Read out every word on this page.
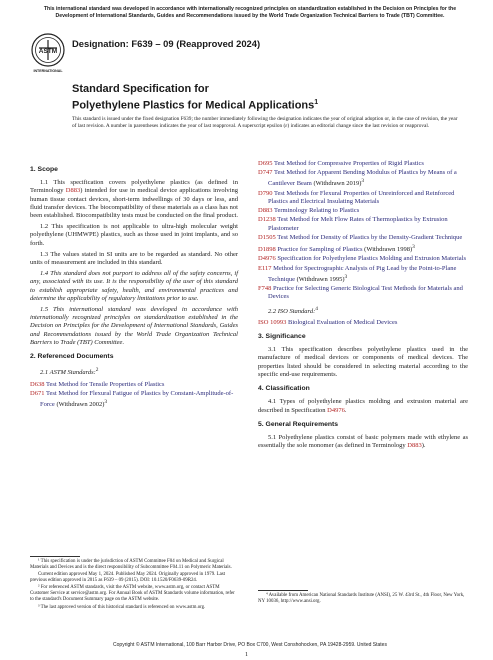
This international standard was developed in accordance with internationally recognized principles on standardization established in the Decision on Principles for the Development of International Standards, Guides and Recommendations issued by the World Trade Organization Technical Barriers to Trade (TBT) Committee.
ASTM
INTERNATIONAL
Designation: F639 – 09 (Reapproved 2024)
Standard Specification for
Polyethylene Plastics for Medical Applications$^1$
This standard is issued under the fixed designation F639; the number immediately following the designation indicates the year of original adoption or, in the case of revision, the year of last revision. A number in parentheses indicates the year of last reapproval. A superscript epsilon (ε) indicates an editorial change since the last revision or reapproval.
1. Scope

1.1 This specification covers polyethylene plastics (as defined in Terminology D883) intended for use in medical device applications involving human tissue contact devices, short-term indwellings of 30 days or less, and fluid transfer devices. The biocompatibility of these materials as a class has not been established. Biocompatibility tests must be conducted on the final product.

1.2 This specification is not applicable to ultra-high molecular weight polyethylene (UHMWPE) plastics, such as those used in joint implants, and so forth.

1.3 The values stated in SI units are to be regarded as standard. No other units of measurement are included in this standard.

1.4 This standard does not purport to address all of the safety concerns, if any, associated with its use. It is the responsibility of the user of this standard to establish appropriate safety, health, and environmental practices and determine the applicability of regulatory limitations prior to use.

1.5 This international standard was developed in accordance with internationally recognized principles on standardization established in the Decision on Principles for the Development of International Standards, Guides and Recommendations issued by the World Trade Organization Technical Barriers to Trade (TBT) Committee.

2. Referenced Documents

2.1 ASTM Standards:$^2$

D638 Test Method for Tensile Properties of Plastics
D671 Test Method for Flexural Fatigue of Plastics by Constant-Amplitude-of-Force (Withdrawn 2002)$^3$
D695 Test Method for Compressive Properties of Rigid Plastics
D747 Test Method for Apparent Bending Modulus of Plastics by Means of a Cantilever Beam (Withdrawn 2019)$^3$
D790 Test Methods for Flexural Properties of Unreinforced and Reinforced Plastics and Electrical Insulating Materials
D883 Terminology Relating to Plastics
D1238 Test Method for Melt Flow Rates of Thermoplastics by Extrusion Plastometer
D1505 Test Method for Density of Plastics by the Density-Gradient Technique
D1898 Practice for Sampling of Plastics (Withdrawn 1998)$^3$
D4976 Specification for Polyethylene Plastics Molding and Extrusion Materials
E117 Method for Spectrographic Analysis of Pig Lead by the Point-to-Plane Technique (Withdrawn 1995)$^3$
F748 Practice for Selecting Generic Biological Test Methods for Materials and Devices

2.2 ISO Standard:$^4$

ISO 10993 Biological Evaluation of Medical Devices
3. Significance

3.1 This specification describes polyethylene plastics used in the manufacture of medical devices or components of medical devices. The properties listed should be considered in selecting material according to the specific end-use requirements.

4. Classification

4.1 Types of polyethylene plastics molding and extrusion material are described in Specification D4976.

5. General Requirements

5.1 Polyethylene plastics consist of basic polymers made with ethylene as essentially the sole monomer (as defined in Terminology D883).

¹ This specification is under the jurisdiction of ASTM Committee F04 on Medical and Surgical Materials and Devices and is the direct responsibility of Subcommittee F04.11 on Polymeric Materials.

Current edition approved May 1, 2024. Published May 2024. Originally approved in 1979. Last previous edition approved in 2015 as F639 – 09 (2015). DOI: 10.1520/F0639-09R24.

² For referenced ASTM standards, visit the ASTM website, www.astm.org, or contact ASTM Customer Service at service@astm.org. For Annual Book of ASTM Standards volume information, refer to the standard's Document Summary page on the ASTM website.

³ The last approved version of this historical standard is referenced on www.astm.org.

⁴ Available from American National Standards Institute (ANSI), 25 W. 43rd St., 4th Floor, New York, NY 10036, http://www.ansi.org.

Copyright © ASTM International, 100 Barr Harbor Drive, PO Box C700, West Conshohocken, PA 19428-2959. United States
1
